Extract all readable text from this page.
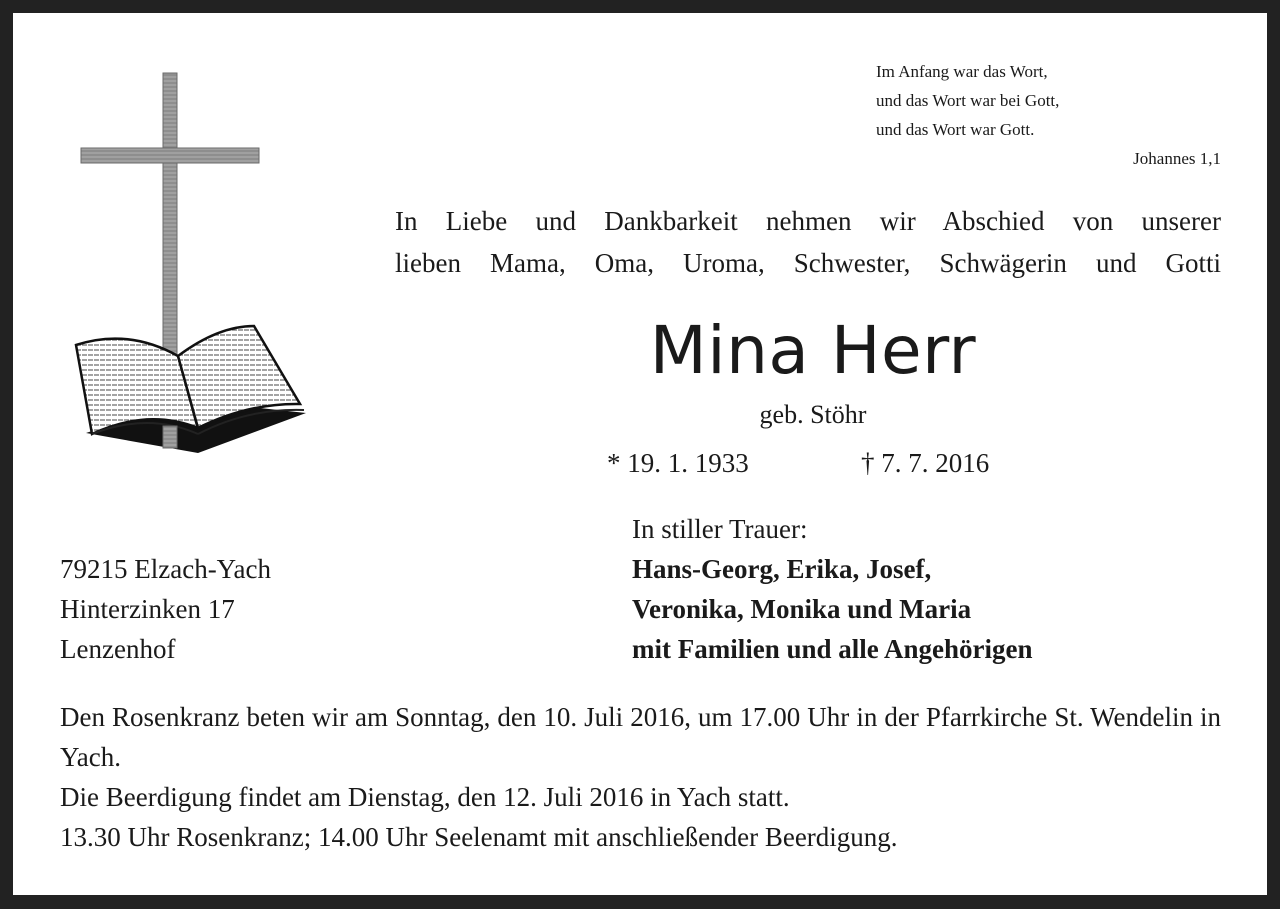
Im Anfang war das Wort,
und das Wort war bei Gott,
und das Wort war Gott.
Johannes 1,1
In Liebe und Dankbarkeit nehmen wir Abschied von unserer
lieben Mama, Oma, Uroma, Schwester, Schwägerin und Gotti
Mina Herr
geb. Stöhr
* 19. 1. 1933	† 7. 7. 2016
79215 Elzach-Yach
Hinterzinken 17
Lenzenhof
In stiller Trauer:
Hans-Georg, Erika, Josef,
Veronika, Monika und Maria
mit Familien und alle Angehörigen

Den Rosenkranz beten wir am Sonntag, den 10. Juli 2016, um 17.00 Uhr in der Pfarrkirche St. Wendelin in Yach.

Die Beerdigung findet am Dienstag, den 12. Juli 2016 in Yach statt.
13.30 Uhr Rosenkranz; 14.00 Uhr Seelenamt mit anschließender Beerdigung.
